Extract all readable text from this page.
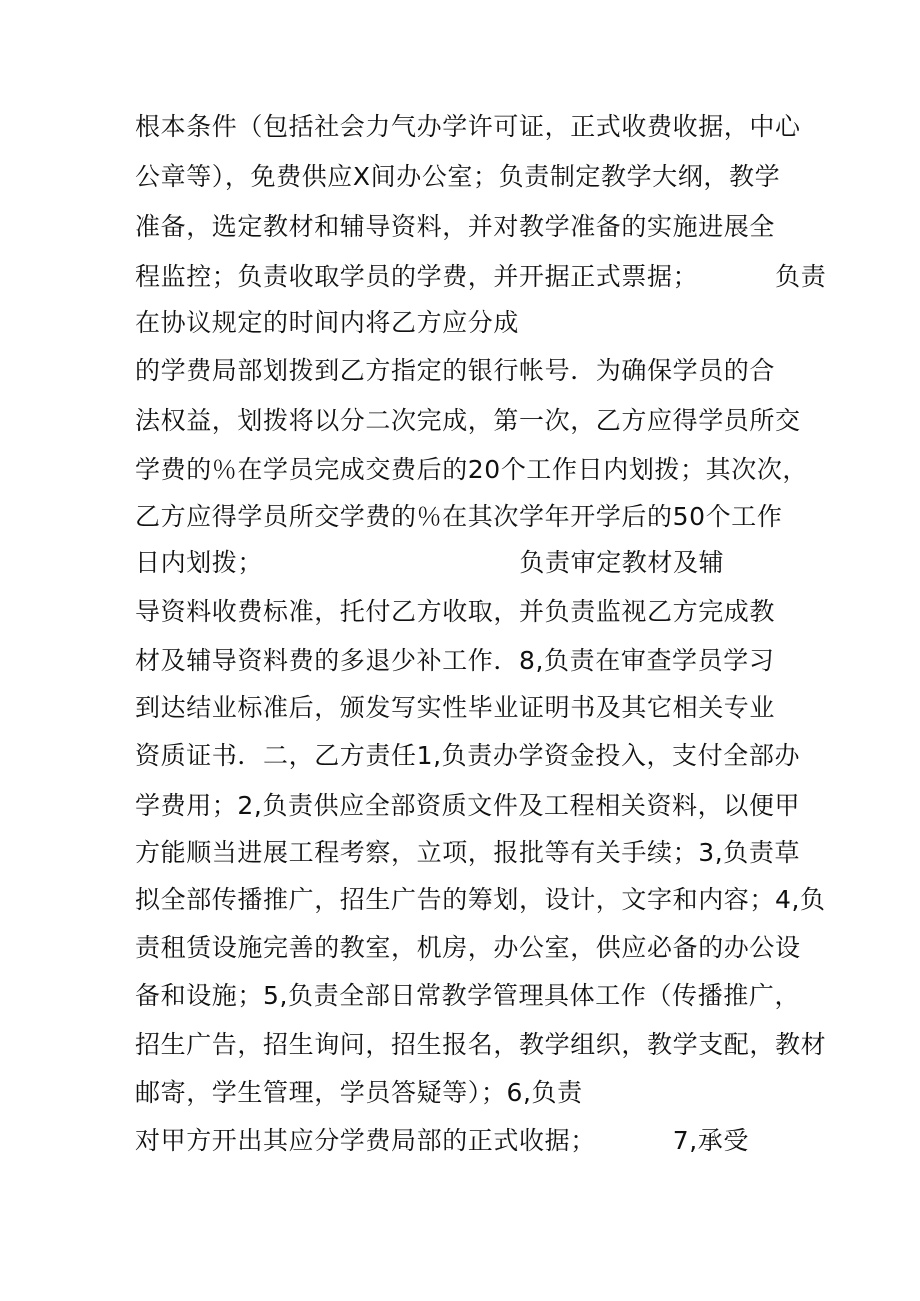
根本条件（包括社会力气办学许可证，正式收费收据，中心
公章等），免费供应X间办公室；负责制定教学大纲，教学
准备，选定教材和辅导资料，并对教学准备的实施进展全
程监控；负责收取学员的学费，并开据正式票据；         负责
在协议规定的时间内将乙方应分成
的学费局部划拨到乙方指定的银行帐号．为确保学员的合
法权益，划拨将以分二次完成，第一次，乙方应得学员所交
学费的％在学员完成交费后的20个工作日内划拨；其次次，
乙方应得学员所交学费的％在其次学年开学后的50个工作
日内划拨；                              负责审定教材及辅
导资料收费标准，托付乙方收取，并负责监视乙方完成教
材及辅导资料费的多退少补工作．8,负责在审查学员学习
到达结业标准后，颁发写实性毕业证明书及其它相关专业
资质证书．二，乙方责任1,负责办学资金投入，支付全部办
学费用；2,负责供应全部资质文件及工程相关资料，以便甲
方能顺当进展工程考察，立项，报批等有关手续；3,负责草
拟全部传播推广，招生广告的筹划，设计，文字和内容；4,负
责租赁设施完善的教室，机房，办公室，供应必备的办公设
备和设施；5,负责全部日常教学管理具体工作（传播推广，
招生广告，招生询问，招生报名，教学组织，教学支配，教材
邮寄，学生管理，学员答疑等）；6,负责
对甲方开出其应分学费局部的正式收据；         7,承受
